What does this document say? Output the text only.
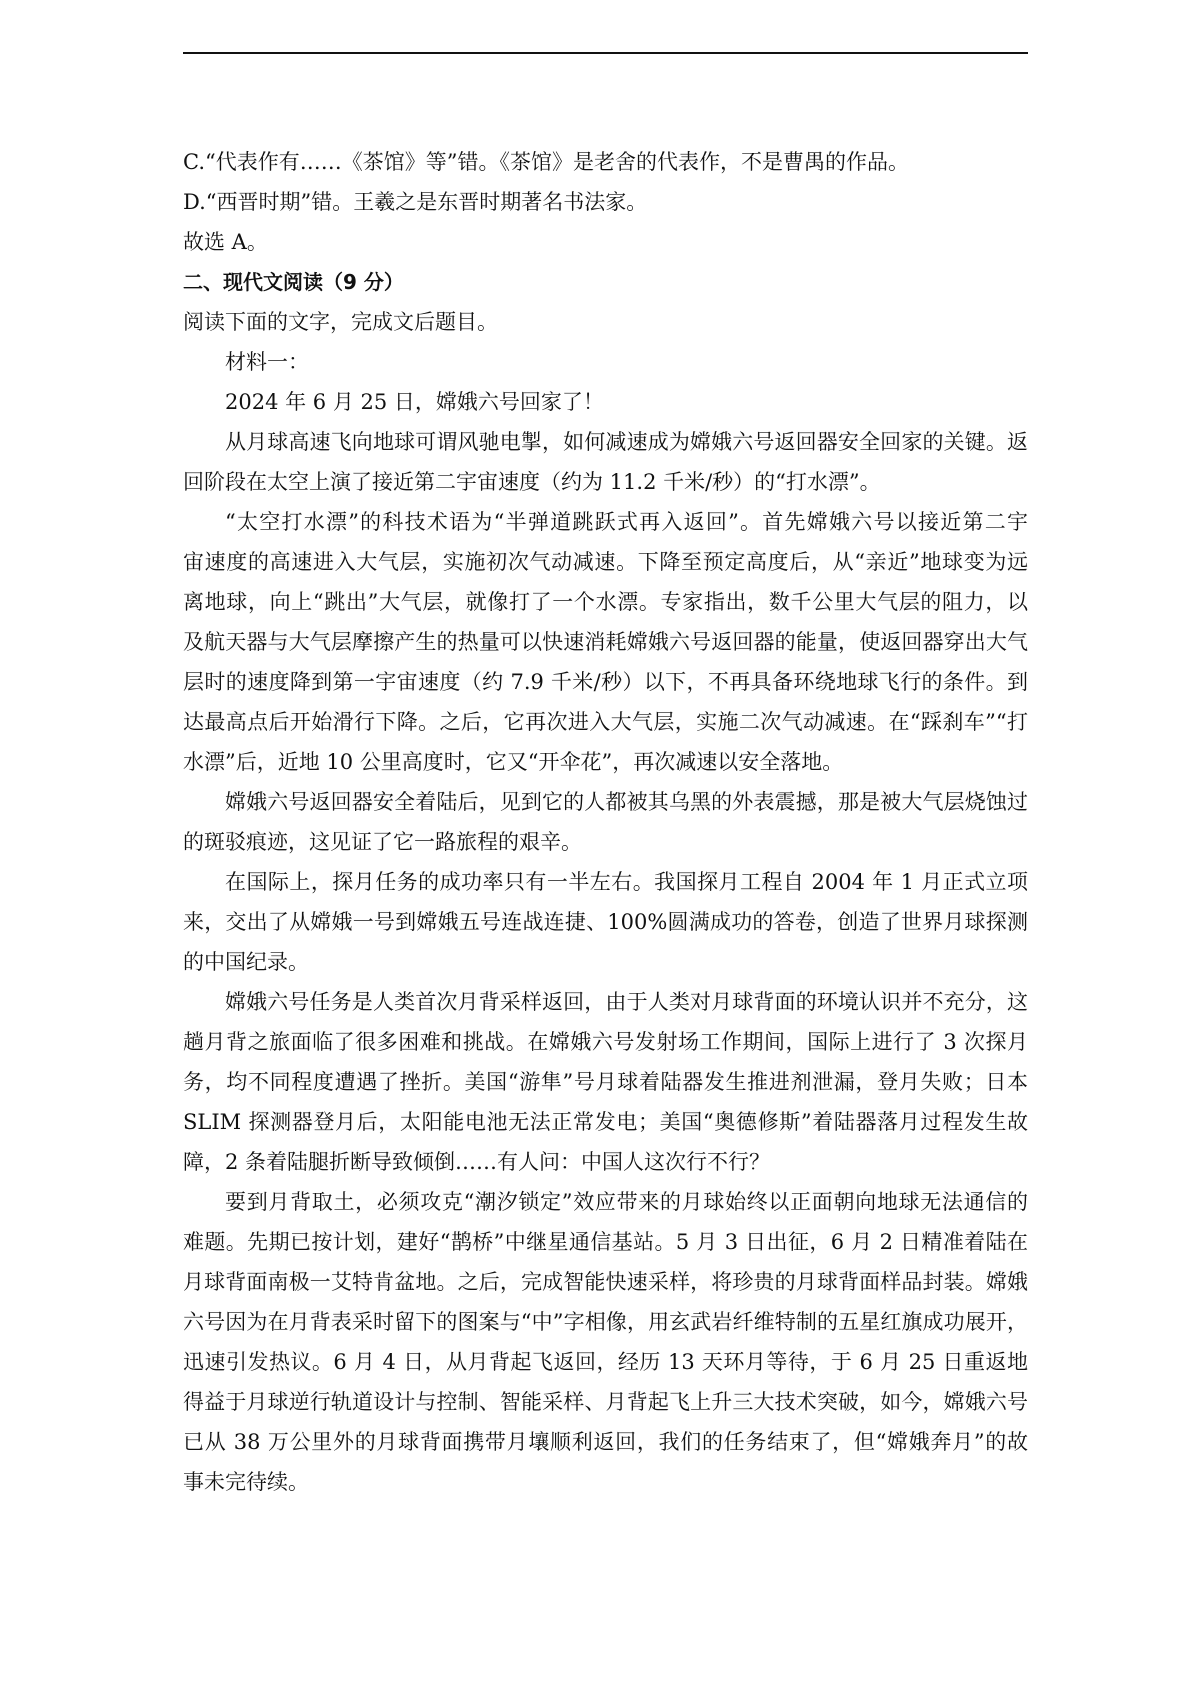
C.“代表作有……《茶馆》等”错。《茶馆》是老舍的代表作，不是曹禺的作品。

D.“西晋时期”错。王羲之是东晋时期著名书法家。

故选 A。

二、现代文阅读（9 分）

阅读下面的文字，完成文后题目。

材料一：

2024 年 6 月 25 日，嫦娥六号回家了！

从月球高速飞向地球可谓风驰电掣，如何减速成为嫦娥六号返回器安全回家的关键。返

回阶段在太空上演了接近第二宇宙速度（约为 11.2 千米/秒）的“打水漂”。

“太空打水漂”的科技术语为“半弹道跳跃式再入返回”。首先嫦娥六号以接近第二宇

宙速度的高速进入大气层，实施初次气动减速。下降至预定高度后，从“亲近”地球变为远

离地球，向上“跳出”大气层，就像打了一个水漂。专家指出，数千公里大气层的阻力，以

及航天器与大气层摩擦产生的热量可以快速消耗嫦娥六号返回器的能量，使返回器穿出大气

层时的速度降到第一宇宙速度（约 7.9 千米/秒）以下，不再具备环绕地球飞行的条件。到

达最高点后开始滑行下降。之后，它再次进入大气层，实施二次气动减速。在“踩刹车”“打

水漂”后，近地 10 公里高度时，它又“开伞花”，再次减速以安全落地。

嫦娥六号返回器安全着陆后，见到它的人都被其乌黑的外表震撼，那是被大气层烧蚀过

的斑驳痕迹，这见证了它一路旅程的艰辛。

在国际上，探月任务的成功率只有一半左右。我国探月工程自 2004 年 1 月正式立项

来，交出了从嫦娥一号到嫦娥五号连战连捷、100%圆满成功的答卷，创造了世界月球探测

的中国纪录。

嫦娥六号任务是人类首次月背采样返回，由于人类对月球背面的环境认识并不充分，这

趟月背之旅面临了很多困难和挑战。在嫦娥六号发射场工作期间，国际上进行了 3 次探月

务，均不同程度遭遇了挫折。美国“游隼”号月球着陆器发生推进剂泄漏，登月失败；日本

SLIM 探测器登月后，太阳能电池无法正常发电；美国“奥德修斯”着陆器落月过程发生故

障，2 条着陆腿折断导致倾倒……有人问：中国人这次行不行？

要到月背取土，必须攻克“潮汐锁定”效应带来的月球始终以正面朝向地球无法通信的

难题。先期已按计划，建好“鹊桥”中继星通信基站。5 月 3 日出征，6 月 2 日精准着陆在

月球背面南极一艾特肯盆地。之后，完成智能快速采样，将珍贵的月球背面样品封装。嫦娥

六号因为在月背表采时留下的图案与“中”字相像，用玄武岩纤维特制的五星红旗成功展开，

迅速引发热议。6 月 4 日，从月背起飞返回，经历 13 天环月等待，于 6 月 25 日重返地

得益于月球逆行轨道设计与控制、智能采样、月背起飞上升三大技术突破，如今，嫦娥六号

已从 38 万公里外的月球背面携带月壤顺利返回，我们的任务结束了，但“嫦娥奔月”的故

事未完待续。
